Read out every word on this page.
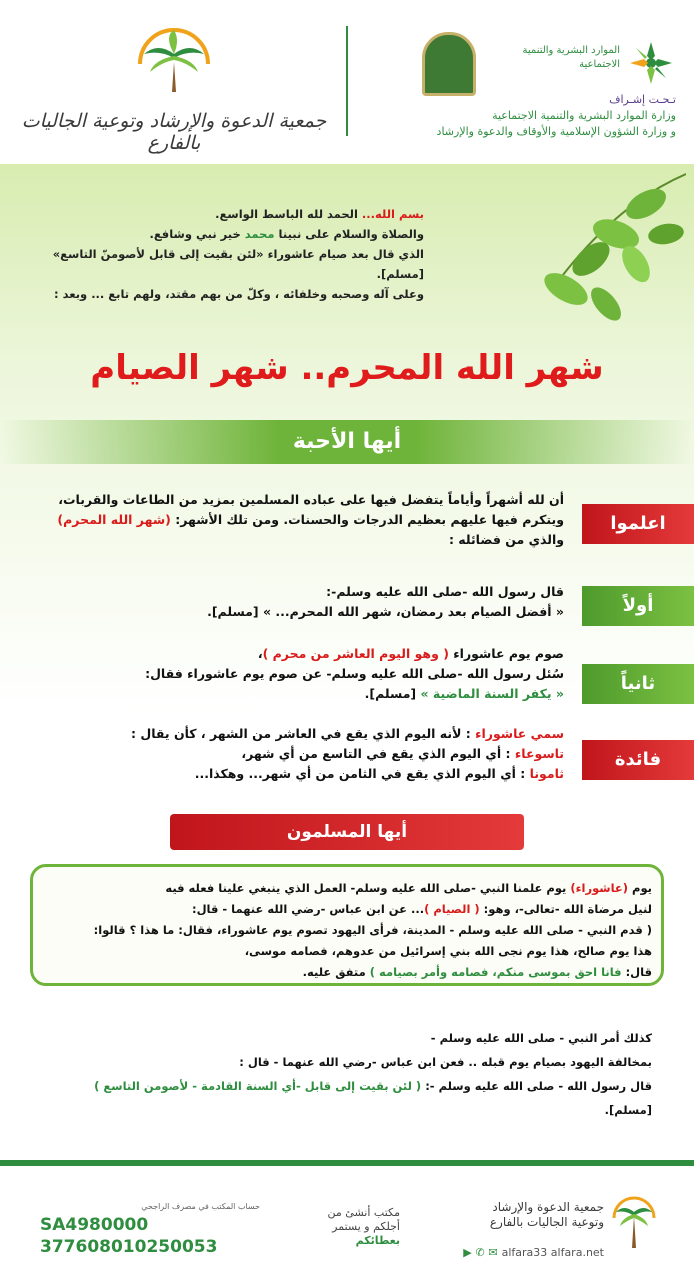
الموارد البشرية والتنمية الاجتماعية
تـحـت إشـراف
وزارة الموارد البشرية والتنمية الاجتماعية
و وزارة الشؤون الإسلامية والأوقاف والدعوة والإرشاد
جمعية الدعوة والإرشاد وتوعية الجاليات بالفارع
بسم الله... الحمد لله الباسط الواسع.
والصلاة والسلام على نبينا محمد خير نبي وشافع.
الذي قال بعد صيام عاشوراء «لئن بقيت إلى قابل لأصومنّ التاسع»
[مسلم].
وعلى آله وصحبه وخلفائه ، وكلّ من بهم مقتد، ولهم تابع ... وبعد :
شهر الله المحرم.. شهر الصيام
أيها الأحبة
اعلموا
أولاً
ثانياً
فائدة
أن لله أشهراً وأياماً يتفضل فيها على عباده المسلمين بمزيد من الطاعات والقربات، ويتكرم فيها عليهم بعظيم الدرجات والحسنات. ومن تلك الأشهر: (شهر الله المحرم) والذي من فضائله :
قال رسول الله -صلى الله عليه وسلم-:
« أفضل الصيام بعد رمضان، شهر الله المحرم... » [مسلم].
صوم يوم عاشوراء ( وهو اليوم العاشر من محرم )،
سُئل رسول الله -صلى الله عليه وسلم- عن صوم يوم عاشوراء فقال:
« يكفر السنة الماضية » [مسلم].
سمي عاشوراء : لأنه اليوم الذي يقع في العاشر من الشهر ، كأن يقال :
تاسوعاء : أي اليوم الذي يقع في التاسع من أي شهر،
ثامونا : أي اليوم الذي يقع في الثامن من أي شهر... وهكذا...
أيها المسلمون
يوم (عاشوراء) يوم علمنا النبي -صلى الله عليه وسلم- العمل الذي ينبغي علينا فعله فيه
لنيل مرضاة الله -تعالى-، وهو: ( الصيام )... عن ابن عباس -رضي الله عنهما - قال:
( قدم النبي - صلى الله عليه وسلم - المدينة، فرأى اليهود تصوم يوم عاشوراء، فقال: ما هذا ؟ قالوا:
هذا يوم صالح، هذا يوم نجى الله بني إسرائيل من عدوهم، فصامه موسى،
قال: فانا احق بموسى منكم، فصامه وأمر بصيامه ) متفق عليه.
كذلك أمر النبي - صلى الله عليه وسلم -
بمخالفة اليهود بصيام يوم قبله .. فعن ابن عباس -رضي الله عنهما - قال :
قال رسول الله - صلى الله عليه وسلم -: ( لئن بقيت إلى قابل -أي السنة القادمة - لأصومن التاسع )
[مسلم].
جمعية الدعوة والإرشاد
وتوعية الجاليات بالفارع
▶ ✆ ✉ alfara33 alfara.net
مكتب أنشئ من
أجلكم و يستمر
بعطائكم
حساب المكتب في مصرف الراجحي
SA4980000
377608010250053
